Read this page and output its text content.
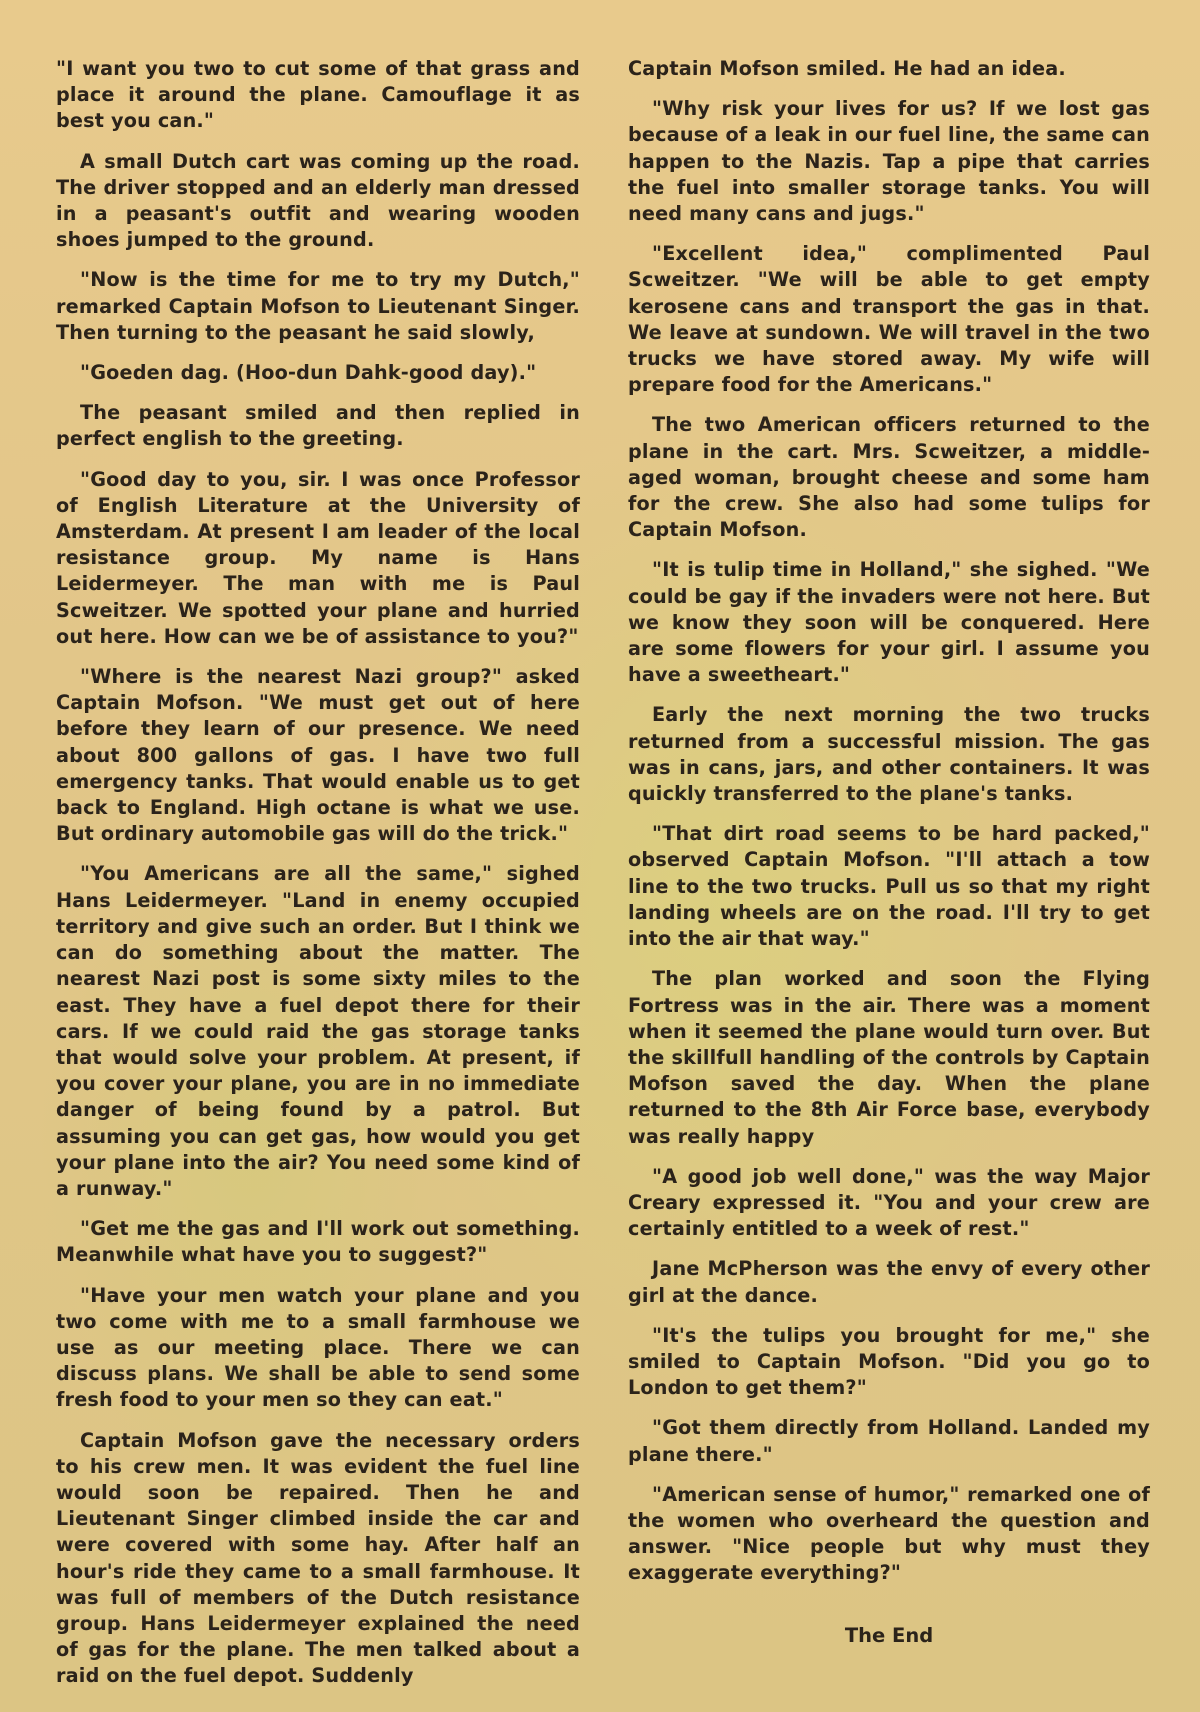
"I want you two to cut some of that grass and place it around the plane. Camouflage it as best you can."

A small Dutch cart was coming up the road. The driver stopped and an elderly man dressed in a peasant's outfit and wearing wooden shoes jumped to the ground.

"Now is the time for me to try my Dutch," remarked Captain Mofson to Lieutenant Singer. Then turning to the peasant he said slowly,

"Goeden dag. (Hoo-dun Dahk-good day)."

The peasant smiled and then replied in perfect english to the greeting.

"Good day to you, sir. I was once Professor of English Literature at the University of Amsterdam. At present I am leader of the local resistance group. My name is Hans Leidermeyer. The man with me is Paul Scweitzer. We spotted your plane and hurried out here. How can we be of assistance to you?"

"Where is the nearest Nazi group?" asked Captain Mofson. "We must get out of here before they learn of our presence. We need about 800 gallons of gas. I have two full emergency tanks. That would enable us to get back to England. High octane is what we use. But ordinary automobile gas will do the trick."

"You Americans are all the same," sighed Hans Leidermeyer. "Land in enemy occupied territory and give such an order. But I think we can do something about the matter. The nearest Nazi post is some sixty miles to the east. They have a fuel depot there for their cars. If we could raid the gas storage tanks that would solve your problem. At present, if you cover your plane, you are in no immediate danger of being found by a patrol. But assuming you can get gas, how would you get your plane into the air? You need some kind of a runway."

"Get me the gas and I'll work out something. Meanwhile what have you to suggest?"

"Have your men watch your plane and you two come with me to a small farmhouse we use as our meeting place. There we can discuss plans. We shall be able to send some fresh food to your men so they can eat."

Captain Mofson gave the necessary orders to his crew men. It was evident the fuel line would soon be repaired. Then he and Lieutenant Singer climbed inside the car and were covered with some hay. After half an hour's ride they came to a small farmhouse. It was full of members of the Dutch resistance group. Hans Leidermeyer explained the need of gas for the plane. The men talked about a raid on the fuel depot. Suddenly

Captain Mofson smiled. He had an idea.

"Why risk your lives for us? If we lost gas because of a leak in our fuel line, the same can happen to the Nazis. Tap a pipe that carries the fuel into smaller storage tanks. You will need many cans and jugs."

"Excellent idea," complimented Paul Scweitzer. "We will be able to get empty kerosene cans and transport the gas in that. We leave at sundown. We will travel in the two trucks we have stored away. My wife will prepare food for the Americans."

The two American officers returned to the plane in the cart. Mrs. Scweitzer, a middle-aged woman, brought cheese and some ham for the crew. She also had some tulips for Captain Mofson.

"It is tulip time in Holland," she sighed. "We could be gay if the invaders were not here. But we know they soon will be conquered. Here are some flowers for your girl. I assume you have a sweetheart."

Early the next morning the two trucks returned from a successful mission. The gas was in cans, jars, and other containers. It was quickly transferred to the plane's tanks.

"That dirt road seems to be hard packed," observed Captain Mofson. "I'll attach a tow line to the two trucks. Pull us so that my right landing wheels are on the road. I'll try to get into the air that way."

The plan worked and soon the Flying Fortress was in the air. There was a moment when it seemed the plane would turn over. But the skillfull handling of the controls by Captain Mofson saved the day. When the plane returned to the 8th Air Force base, everybody was really happy

"A good job well done," was the way Major Creary expressed it. "You and your crew are certainly entitled to a week of rest."

Jane McPherson was the envy of every other girl at the dance.

"It's the tulips you brought for me," she smiled to Captain Mofson. "Did you go to London to get them?"

"Got them directly from Holland. Landed my plane there."

"American sense of humor," remarked one of the women who overheard the question and answer. "Nice people but why must they exaggerate everything?"

The End
